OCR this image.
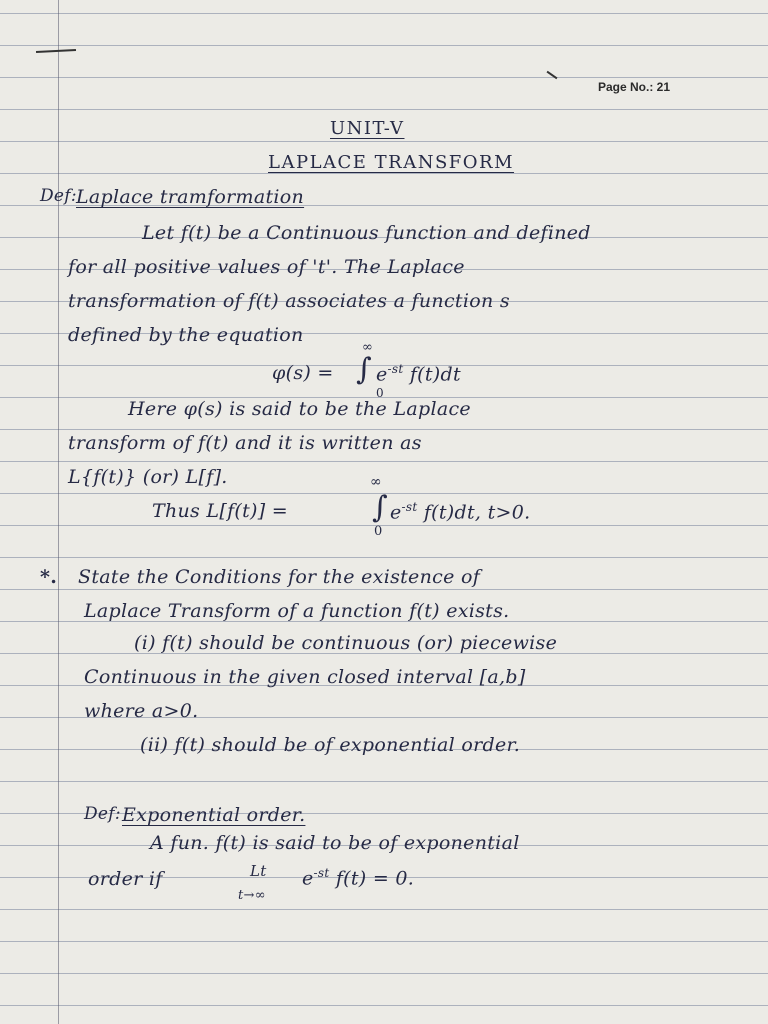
Page No.: 21
UNIT-V
LAPLACE TRANSFORM
Def: Laplace tramformation
Let f(t) be a Continuous function and defined
for all positive values of 't'. The Laplace
transformation of f(t) associates a function s
defined by the equation
φ(s) = ∫
∞
0
$e^{-st}$ f(t)dt
Here φ(s) is said to be the Laplace
transform of f(t) and it is written as
L{f(t)} (or) L[f].
Thus L[f(t)] =	∫
∞
0
$e^{-st}$ f(t)dt, t>0.
*. State the Conditions for the existence of
Laplace Transform of a function f(t) exists.
(i) f(t) should be continuous (or) piecewise
Continuous in the given closed interval [a,b]
where a>0.
(ii) f(t) should be of exponential order.
Def: Exponential order.
A fun. f(t) is said to be of exponential
order if	Lt
t→∞
$e^{-st}$ f(t) = 0.
